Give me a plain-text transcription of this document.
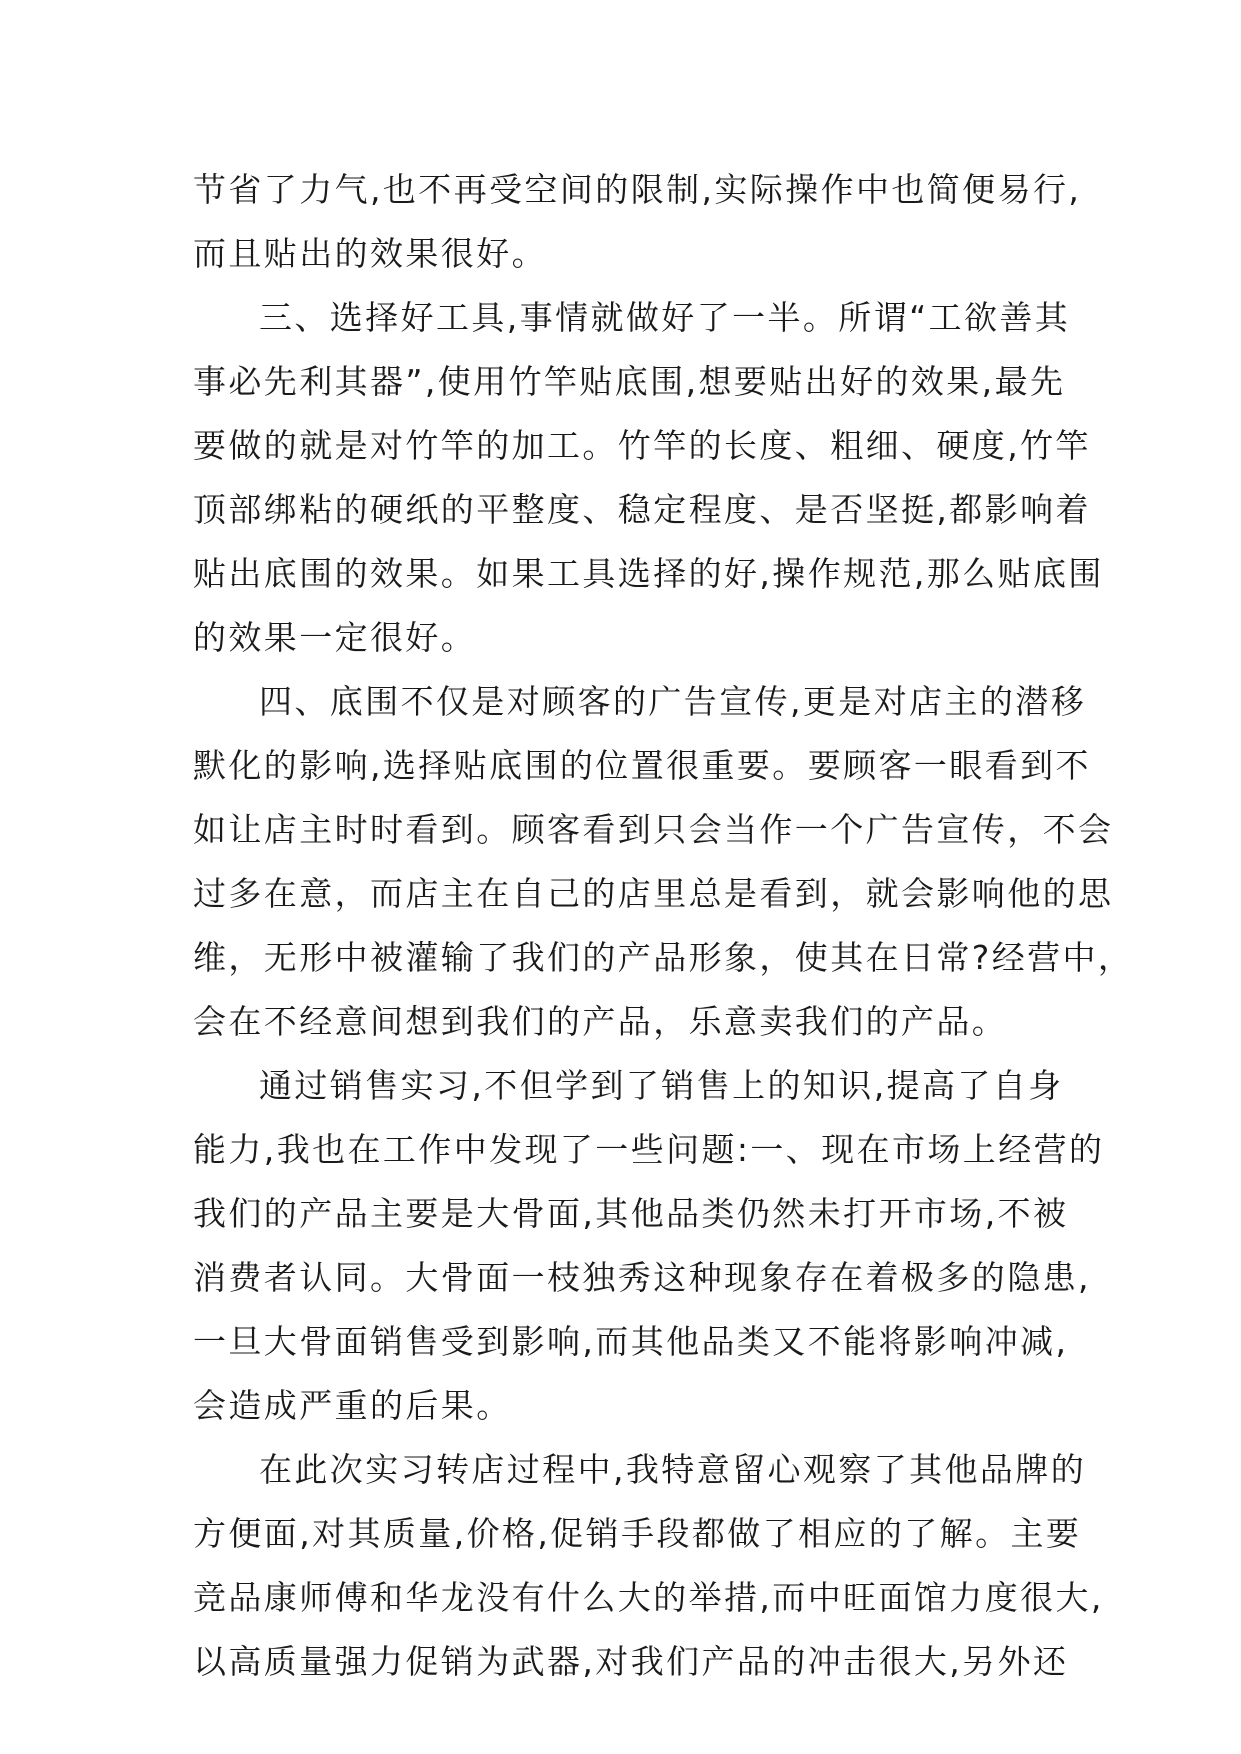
节省了力气,也不再受空间的限制,实际操作中也简便易行,
而且贴出的效果很好。
三、选择好工具,事情就做好了一半。所谓“工欲善其
事必先利其器”,使用竹竿贴底围,想要贴出好的效果,最先
要做的就是对竹竿的加工。竹竿的长度、粗细、硬度,竹竿
顶部绑粘的硬纸的平整度、稳定程度、是否坚挺,都影响着
贴出底围的效果。如果工具选择的好,操作规范,那么贴底围
的效果一定很好。
四、底围不仅是对顾客的广告宣传,更是对店主的潜移
默化的影响,选择贴底围的位置很重要。要顾客一眼看到不
如让店主时时看到。顾客看到只会当作一个广告宣传，不会
过多在意，而店主在自己的店里总是看到，就会影响他的思
维，无形中被灌输了我们的产品形象，使其在日常?经营中，
会在不经意间想到我们的产品，乐意卖我们的产品。
通过销售实习,不但学到了销售上的知识,提高了自身
能力,我也在工作中发现了一些问题:一、现在市场上经营的
我们的产品主要是大骨面,其他品类仍然未打开市场,不被
消费者认同。大骨面一枝独秀这种现象存在着极多的隐患,
一旦大骨面销售受到影响,而其他品类又不能将影响冲减,
会造成严重的后果。
在此次实习转店过程中,我特意留心观察了其他品牌的
方便面,对其质量,价格,促销手段都做了相应的了解。主要
竞品康师傅和华龙没有什么大的举措,而中旺面馆力度很大,
以高质量强力促销为武器,对我们产品的冲击很大,另外还
